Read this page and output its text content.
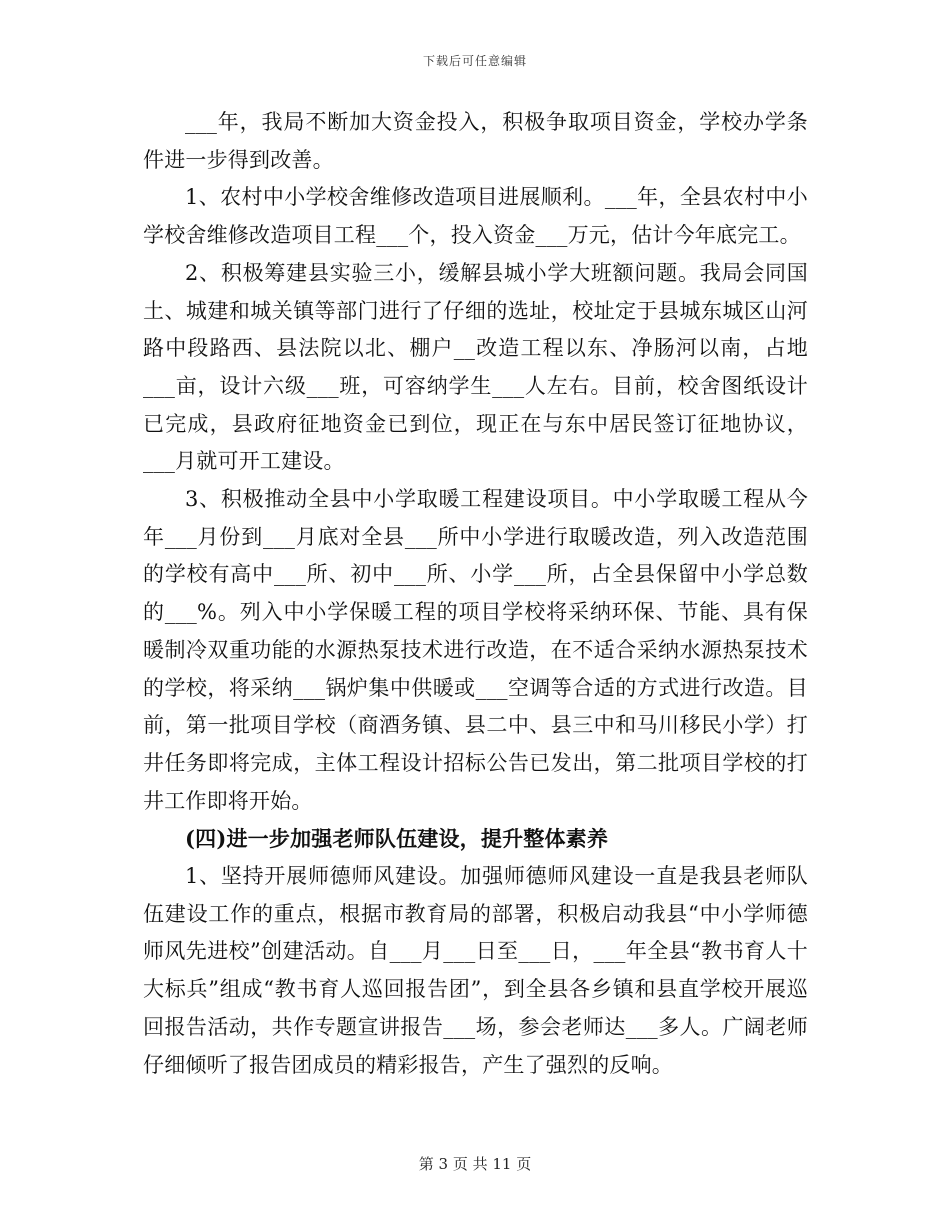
下载后可任意编辑

___年，我局不断加大资金投入，积极争取项目资金，学校办学条件进一步得到改善。

1、农村中小学校舍维修改造项目进展顺利。___年，全县农村中小学校舍维修改造项目工程___个，投入资金___万元，估计今年底完工。

2、积极筹建县实验三小，缓解县城小学大班额问题。我局会同国土、城建和城关镇等部门进行了仔细的选址，校址定于县城东城区山河路中段路西、县法院以北、棚户__改造工程以东、净肠河以南，占地___亩，设计六级___班，可容纳学生___人左右。目前，校舍图纸设计已完成，县政府征地资金已到位，现正在与东中居民签订征地协议，___月就可开工建设。

3、积极推动全县中小学取暖工程建设项目。中小学取暖工程从今年___月份到___月底对全县___所中小学进行取暖改造，列入改造范围的学校有高中___所、初中___所、小学___所，占全县保留中小学总数的___%。列入中小学保暖工程的项目学校将采纳环保、节能、具有保暖制冷双重功能的水源热泵技术进行改造，在不适合采纳水源热泵技术的学校，将采纳___锅炉集中供暖或___空调等合适的方式进行改造。目前，第一批项目学校（商酒务镇、县二中、县三中和马川移民小学）打井任务即将完成，主体工程设计招标公告已发出，第二批项目学校的打井工作即将开始。

(四)进一步加强老师队伍建设，提升整体素养

1、坚持开展师德师风建设。加强师德师风建设一直是我县老师队伍建设工作的重点，根据市教育局的部署，积极启动我县“中小学师德师风先进校”创建活动。自___月___日至___日，___年全县“教书育人十大标兵”组成“教书育人巡回报告团”，到全县各乡镇和县直学校开展巡回报告活动，共作专题宣讲报告___场，参会老师达___多人。广阔老师仔细倾听了报告团成员的精彩报告，产生了强烈的反响。

第 3 页 共 11 页
